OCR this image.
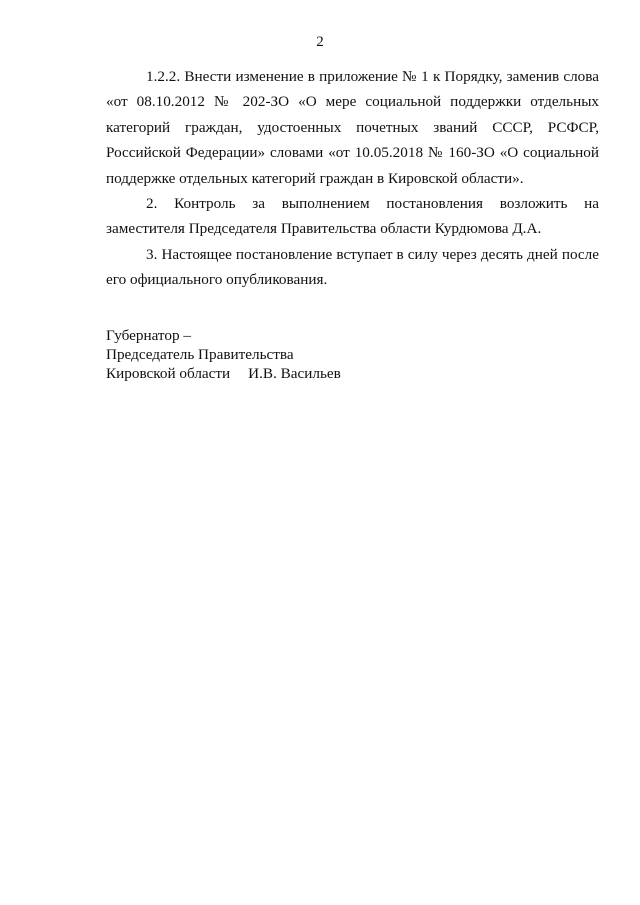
2

1.2.2. Внести изменение в приложение № 1 к Порядку, заменив слова «от 08.10.2012 № 202-ЗО «О мере социальной поддержки отдельных категорий граждан, удостоенных почетных званий СССР, РСФСР, Российской Федерации» словами «от 10.05.2018 № 160-ЗО «О социальной поддержке отдельных категорий граждан в Кировской области».

2. Контроль за выполнением постановления возложить на заместителя Председателя Правительства области Курдюмова Д.А.

3. Настоящее постановление вступает в силу через десять дней после его официального опубликования.

Губернатор –
Председатель Правительства
Кировской области И.В. Васильев
